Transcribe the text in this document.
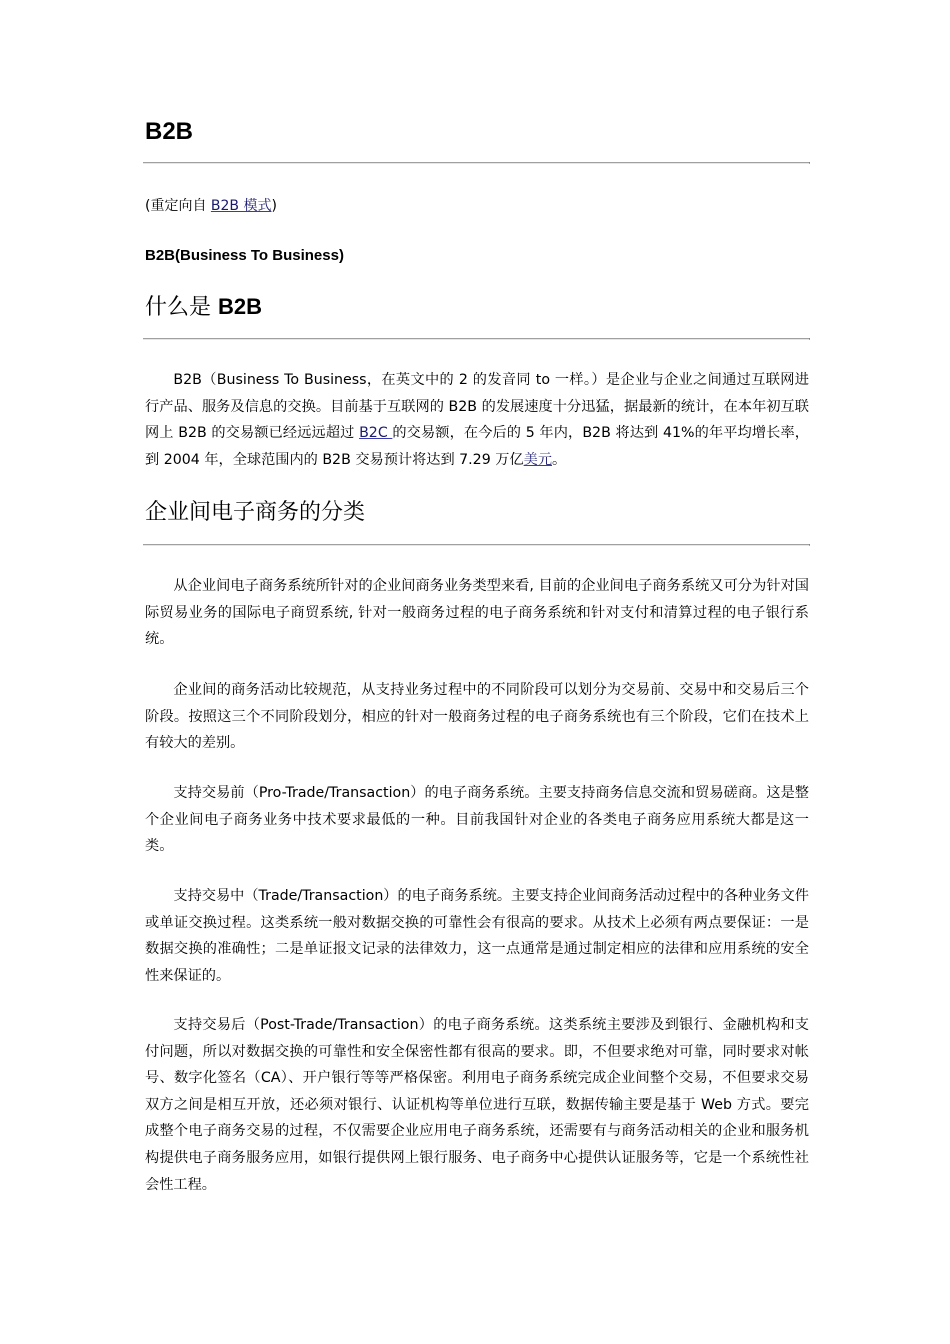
B2B

(重定向自 B2B 模式)

B2B(Business To Business)

什么是 B2B

B2B（Business To Business，在英文中的 2 的发音同 to 一样。）是企业与企业之间通过互联网进行产品、服务及信息的交换。目前基于互联网的 B2B 的发展速度十分迅猛，据最新的统计，在本年初互联网上 B2B 的交易额已经远远超过 B2C 的交易额，在今后的 5 年内，B2B 将达到 41%的年平均增长率，到 2004 年，全球范围内的 B2B 交易预计将达到 7.29 万亿美元。

企业间电子商务的分类

从企业间电子商务系统所针对的企业间商务业务类型来看, 目前的企业间电子商务系统又可分为针对国际贸易业务的国际电子商贸系统, 针对一般商务过程的电子商务系统和针对支付和清算过程的电子银行系统。

企业间的商务活动比较规范，从支持业务过程中的不同阶段可以划分为交易前、交易中和交易后三个阶段。按照这三个不同阶段划分，相应的针对一般商务过程的电子商务系统也有三个阶段，它们在技术上有较大的差别。

支持交易前（Pro-Trade/Transaction）的电子商务系统。主要支持商务信息交流和贸易磋商。这是整个企业间电子商务业务中技术要求最低的一种。目前我国针对企业的各类电子商务应用系统大都是这一类。

支持交易中（Trade/Transaction）的电子商务系统。主要支持企业间商务活动过程中的各种业务文件或单证交换过程。这类系统一般对数据交换的可靠性会有很高的要求。从技术上必须有两点要保证：一是数据交换的准确性；二是单证报文记录的法律效力，这一点通常是通过制定相应的法律和应用系统的安全性来保证的。

支持交易后（Post-Trade/Transaction）的电子商务系统。这类系统主要涉及到银行、金融机构和支付问题，所以对数据交换的可靠性和安全保密性都有很高的要求。即，不但要求绝对可靠，同时要求对帐号、数字化签名（CA）、开户银行等等严格保密。利用电子商务系统完成企业间整个交易，不但要求交易双方之间是相互开放，还必须对银行、认证机构等单位进行互联，数据传输主要是基于 Web 方式。要完成整个电子商务交易的过程，不仅需要企业应用电子商务系统，还需要有与商务活动相关的企业和服务机构提供电子商务服务应用，如银行提供网上银行服务、电子商务中心提供认证服务等，它是一个系统性社会性工程。
